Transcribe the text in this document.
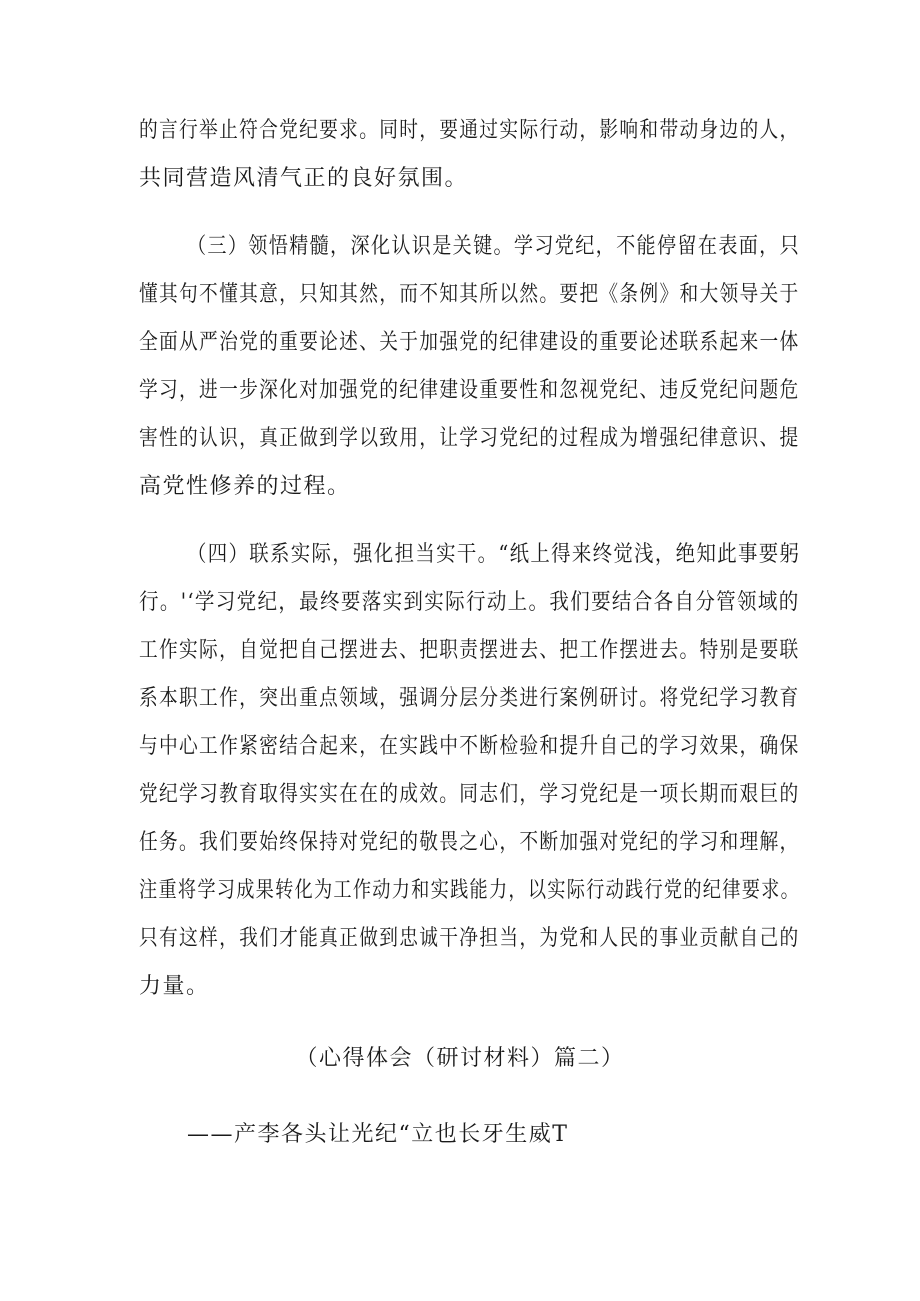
的言行举止符合党纪要求。同时，要通过实际行动，影响和带动身边的人，
共同营造风清气正的良好氛围。
（三）领悟精髓，深化认识是关键。学习党纪，不能停留在表面，只
懂其句不懂其意，只知其然，而不知其所以然。要把《条例》和大领导关于
全面从严治党的重要论述、关于加强党的纪律建设的重要论述联系起来一体
学习，进一步深化对加强党的纪律建设重要性和忽视党纪、违反党纪问题危
害性的认识，真正做到学以致用，让学习党纪的过程成为增强纪律意识、提
高党性修养的过程。
（四）联系实际，强化担当实干。“纸上得来终觉浅，绝知此事要躬
行。'‘学习党纪，最终要落实到实际行动上。我们要结合各自分管领域的
工作实际，自觉把自己摆进去、把职责摆进去、把工作摆进去。特别是要联
系本职工作，突出重点领域，强调分层分类进行案例研讨。将党纪学习教育
与中心工作紧密结合起来，在实践中不断检验和提升自己的学习效果，确保
党纪学习教育取得实实在在的成效。同志们，学习党纪是一项长期而艰巨的
任务。我们要始终保持对党纪的敬畏之心，不断加强对党纪的学习和理解，
注重将学习成果转化为工作动力和实践能力，以实际行动践行党的纪律要求。
只有这样，我们才能真正做到忠诚干净担当，为党和人民的事业贡献自己的
力量。
（心得体会（研讨材料）篇二）
——产李各头让光纪“立也长牙生威T
